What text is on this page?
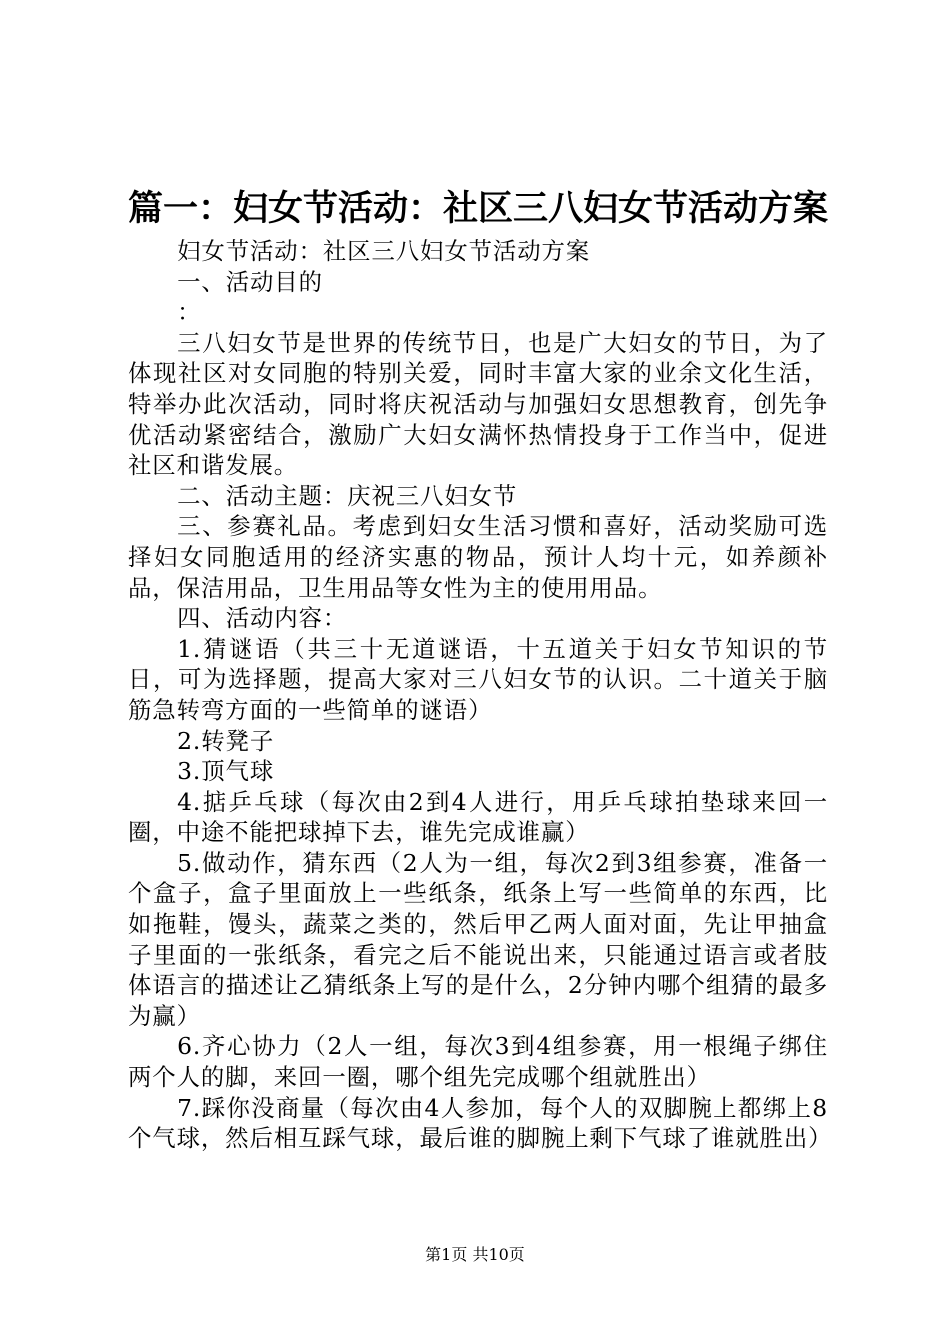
篇一：妇女节活动：社区三八妇女节活动方案

妇女节活动：社区三八妇女节活动方案

一、活动目的

：

三八妇女节是世界的传统节日，也是广大妇女的节日，为了体现社区对女同胞的特别关爱，同时丰富大家的业余文化生活，特举办此次活动，同时将庆祝活动与加强妇女思想教育，创先争优活动紧密结合，激励广大妇女满怀热情投身于工作当中，促进社区和谐发展。

二、活动主题：庆祝三八妇女节

三、参赛礼品。考虑到妇女生活习惯和喜好，活动奖励可选择妇女同胞适用的经济实惠的物品，预计人均十元，如养颜补品，保洁用品，卫生用品等女性为主的使用用品。

四、活动内容：

1.猜谜语（共三十无道谜语，十五道关于妇女节知识的节日，可为选择题，提高大家对三八妇女节的认识。二十道关于脑筋急转弯方面的一些简单的谜语）

2.转凳子

3.顶气球

4.掂乒乓球（每次由2到4人进行，用乒乓球拍垫球来回一圈，中途不能把球掉下去，谁先完成谁赢）

5.做动作，猜东西（2人为一组，每次2到3组参赛，准备一个盒子，盒子里面放上一些纸条，纸条上写一些简单的东西，比如拖鞋，馒头，蔬菜之类的，然后甲乙两人面对面，先让甲抽盒子里面的一张纸条，看完之后不能说出来，只能通过语言或者肢体语言的描述让乙猜纸条上写的是什么，2分钟内哪个组猜的最多为赢）

6.齐心协力（2人一组，每次3到4组参赛，用一根绳子绑住两个人的脚，来回一圈，哪个组先完成哪个组就胜出）

7.踩你没商量（每次由4人参加，每个人的双脚腕上都绑上8个气球，然后相互踩气球，最后谁的脚腕上剩下气球了谁就胜出）

第1页 共10页
